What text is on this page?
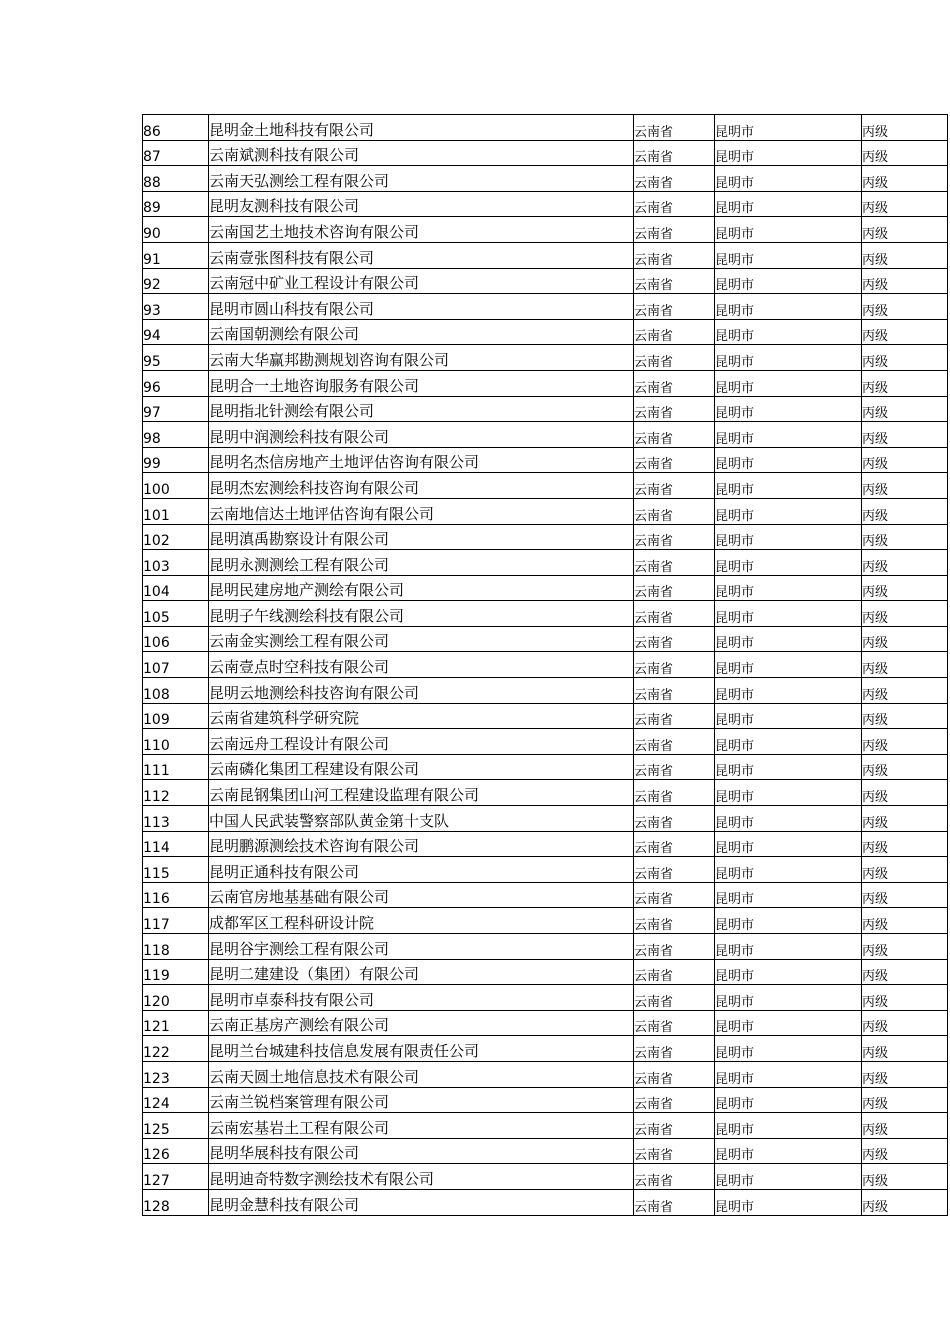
86	昆明金土地科技有限公司	云南省	昆明市	丙级
87	云南斌测科技有限公司	云南省	昆明市	丙级
88	云南天弘测绘工程有限公司	云南省	昆明市	丙级
89	昆明友测科技有限公司	云南省	昆明市	丙级
90	云南国艺土地技术咨询有限公司	云南省	昆明市	丙级
91	云南壹张图科技有限公司	云南省	昆明市	丙级
92	云南冠中矿业工程设计有限公司	云南省	昆明市	丙级
93	昆明市圆山科技有限公司	云南省	昆明市	丙级
94	云南国朝测绘有限公司	云南省	昆明市	丙级
95	云南大华赢邦勘测规划咨询有限公司	云南省	昆明市	丙级
96	昆明合一土地咨询服务有限公司	云南省	昆明市	丙级
97	昆明指北针测绘有限公司	云南省	昆明市	丙级
98	昆明中润测绘科技有限公司	云南省	昆明市	丙级
99	昆明名杰信房地产土地评估咨询有限公司	云南省	昆明市	丙级
100	昆明杰宏测绘科技咨询有限公司	云南省	昆明市	丙级
101	云南地信达土地评估咨询有限公司	云南省	昆明市	丙级
102	昆明滇禹勘察设计有限公司	云南省	昆明市	丙级
103	昆明永测测绘工程有限公司	云南省	昆明市	丙级
104	昆明民建房地产测绘有限公司	云南省	昆明市	丙级
105	昆明子午线测绘科技有限公司	云南省	昆明市	丙级
106	云南金实测绘工程有限公司	云南省	昆明市	丙级
107	云南壹点时空科技有限公司	云南省	昆明市	丙级
108	昆明云地测绘科技咨询有限公司	云南省	昆明市	丙级
109	云南省建筑科学研究院	云南省	昆明市	丙级
110	云南远舟工程设计有限公司	云南省	昆明市	丙级
111	云南磷化集团工程建设有限公司	云南省	昆明市	丙级
112	云南昆钢集团山河工程建设监理有限公司	云南省	昆明市	丙级
113	中国人民武装警察部队黄金第十支队	云南省	昆明市	丙级
114	昆明鹏源测绘技术咨询有限公司	云南省	昆明市	丙级
115	昆明正通科技有限公司	云南省	昆明市	丙级
116	云南官房地基基础有限公司	云南省	昆明市	丙级
117	成都军区工程科研设计院	云南省	昆明市	丙级
118	昆明谷宇测绘工程有限公司	云南省	昆明市	丙级
119	昆明二建建设（集团）有限公司	云南省	昆明市	丙级
120	昆明市卓泰科技有限公司	云南省	昆明市	丙级
121	云南正基房产测绘有限公司	云南省	昆明市	丙级
122	昆明兰台城建科技信息发展有限责任公司	云南省	昆明市	丙级
123	云南天圆土地信息技术有限公司	云南省	昆明市	丙级
124	云南兰锐档案管理有限公司	云南省	昆明市	丙级
125	云南宏基岩土工程有限公司	云南省	昆明市	丙级
126	昆明华展科技有限公司	云南省	昆明市	丙级
127	昆明迪奇特数字测绘技术有限公司	云南省	昆明市	丙级
128	昆明金慧科技有限公司	云南省	昆明市	丙级
